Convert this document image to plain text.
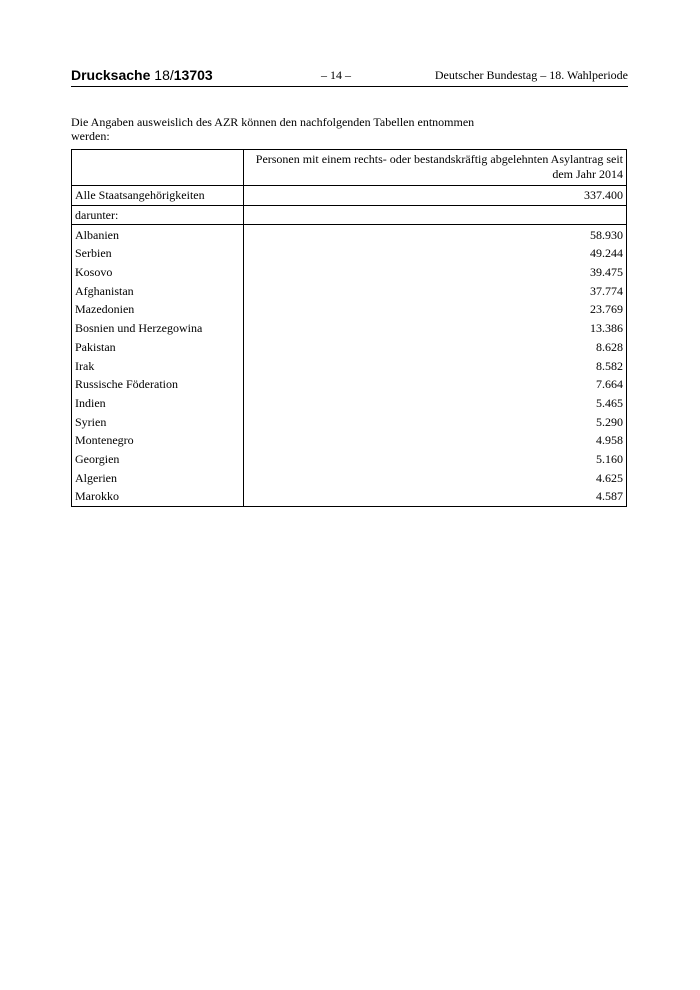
Drucksache 18/13703	– 14 –	Deutscher Bundestag – 18. Wahlperiode
Die Angaben ausweislich des AZR können den nachfolgenden Tabellen entnommen werden:
	Personen mit einem rechts- oder bestandskräftig abgelehnten Asylantrag seit dem Jahr 2014
Alle Staatsangehörigkeiten	337.400
darunter:	
Albanien	58.930
Serbien	49.244
Kosovo	39.475
Afghanistan	37.774
Mazedonien	23.769
Bosnien und Herzegowina	13.386
Pakistan	8.628
Irak	8.582
Russische Föderation	7.664
Indien	5.465
Syrien	5.290
Montenegro	4.958
Georgien	5.160
Algerien	4.625
Marokko	4.587
